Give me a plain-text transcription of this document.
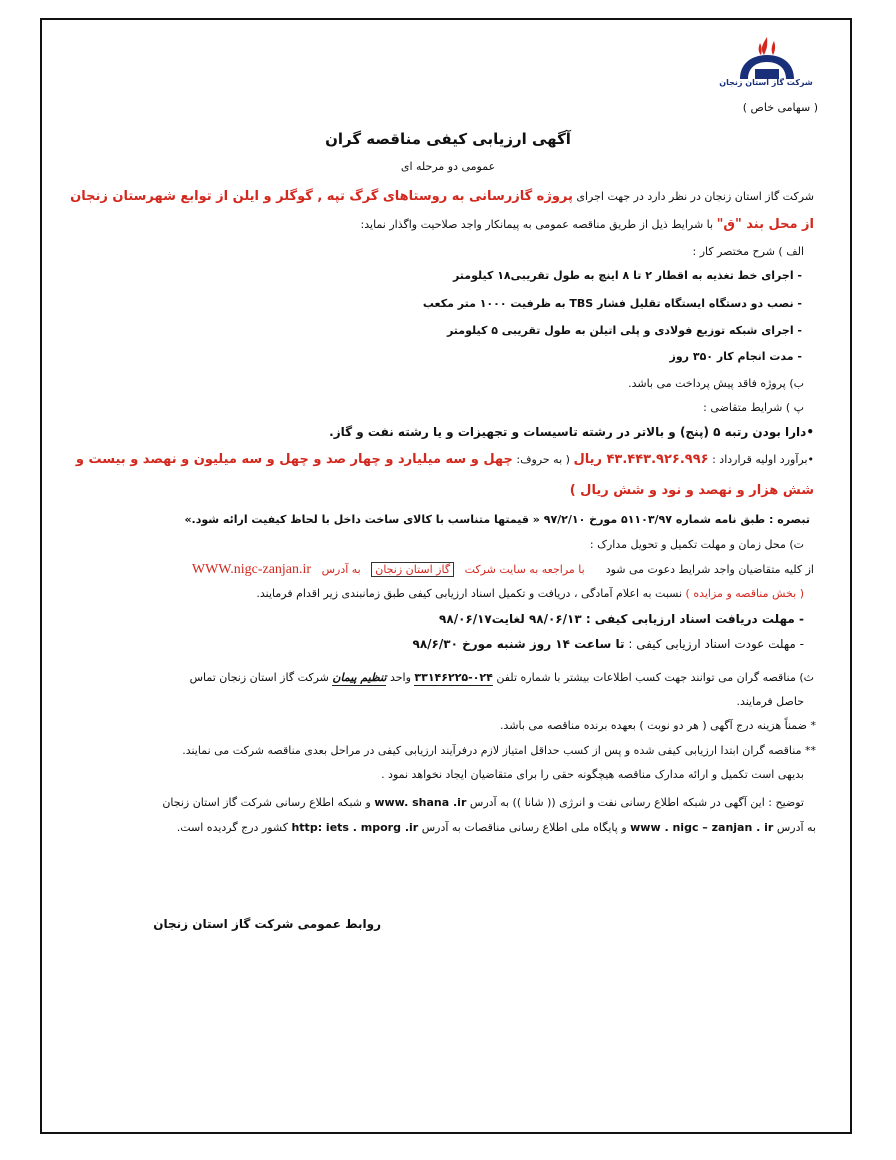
شرکت گاز استان زنجان
( سهامی خاص )
آگهی ارزیابی کیفی مناقصه گران
عمومی دو مرحله ای
شرکت گاز استان زنجان در نظر دارد در جهت اجرای پروژه گازرسانی به روستاهای گرگ تپه , گوگلر و ایلن از توابع شهرستان زنجان
از محل بند "ق" با شرایط ذیل از طریق مناقصه عمومی به پیمانکار واجد صلاحیت واگذار نماید:
الف ) شرح مختصر کار :
- اجرای خط تغذیه به اقطار ۲ تا ۸ اینچ به طول تقریبی۱۸ کیلومتر
- نصب دو دستگاه ایستگاه تقلیل فشار TBS به ظرفیت ۱۰۰۰ متر مکعب
- اجرای شبکه توزیع فولادی و پلی اتیلن به طول تقریبی ۵ کیلومتر
- مدت انجام کار ۳۵۰ روز
ب) پروژه فاقد پیش پرداخت می باشد.
پ ) شرایط متقاضی :
•دارا بودن رتبه ۵ (پنج) و بالاتر در رشته تاسیسات و تجهیزات و یا رشته نفت و گاز.
•برآورد اولیه قرارداد : ۴۳.۴۴۳.۹۲۶.۹۹۶ ریال ( به حروف: چهل و سه میلیارد و چهار صد و چهل و سه میلیون و نهصد و بیست و
شش هزار و نهصد و نود و شش ریال )
تبصره : طبق نامه شماره ۵۱۱۰۳/۹۷ مورخ ۹۷/۲/۱۰ « قیمتها متناسب با کالای ساخت داخل با لحاظ کیفیت ارائه شود.»
ت) محل زمان و مهلت تکمیل و تحویل مدارک :
از کلیه متقاضیان واجد شرایط دعوت می شود      با مراجعه به سایت شرکت   گاز استان زنجان   به آدرس   WWW.nigc-zanjan.ir
( بخش مناقصه و مزایده ) نسبت به اعلام آمادگی ، دریافت و تکمیل اسناد ارزیابی کیفی طبق زمانبندی زیر اقدام فرمایند.
- مهلت دریافت اسناد ارزیابی کیفی : ۹۸/۰۶/۱۳ لغایت۹۸/۰۶/۱۷
- مهلت عودت اسناد ارزیابی کیفی : تا ساعت ۱۴ روز شنبه مورخ ۹۸/۶/۳۰
ث) مناقصه گران می توانند جهت کسب اطلاعات بیشتر با شماره تلفن ۰۲۴-۳۳۱۴۶۲۲۵ واحد تنظیم پیمان شرکت گاز استان زنجان تماس
حاصل فرمایند.
* ضمناً هزینه درج آگهی ( هر دو نوبت ) بعهده برنده مناقصه می باشد.
** مناقصه گران ابتدا ارزیابی کیفی شده و پس از کسب حداقل امتیاز لازم درفرآیند ارزیابی کیفی در مراحل بعدی مناقصه شرکت می نمایند.
بدیهی است تکمیل و ارائه مدارک مناقصه هیچگونه حقی را برای متقاضیان ایجاد نخواهد نمود .
توضیح : این آگهی در شبکه اطلاع رسانی نفت و انرژی (( شانا )) به آدرس www. shana .ir و شبکه اطلاع رسانی شرکت گاز استان زنجان
به آدرس www . nigc – zanjan . ir و پایگاه ملی اطلاع رسانی مناقصات به آدرس http: iets . mporg .ir کشور درج گردیده است.
روابط عمومی شرکت گاز استان زنجان
